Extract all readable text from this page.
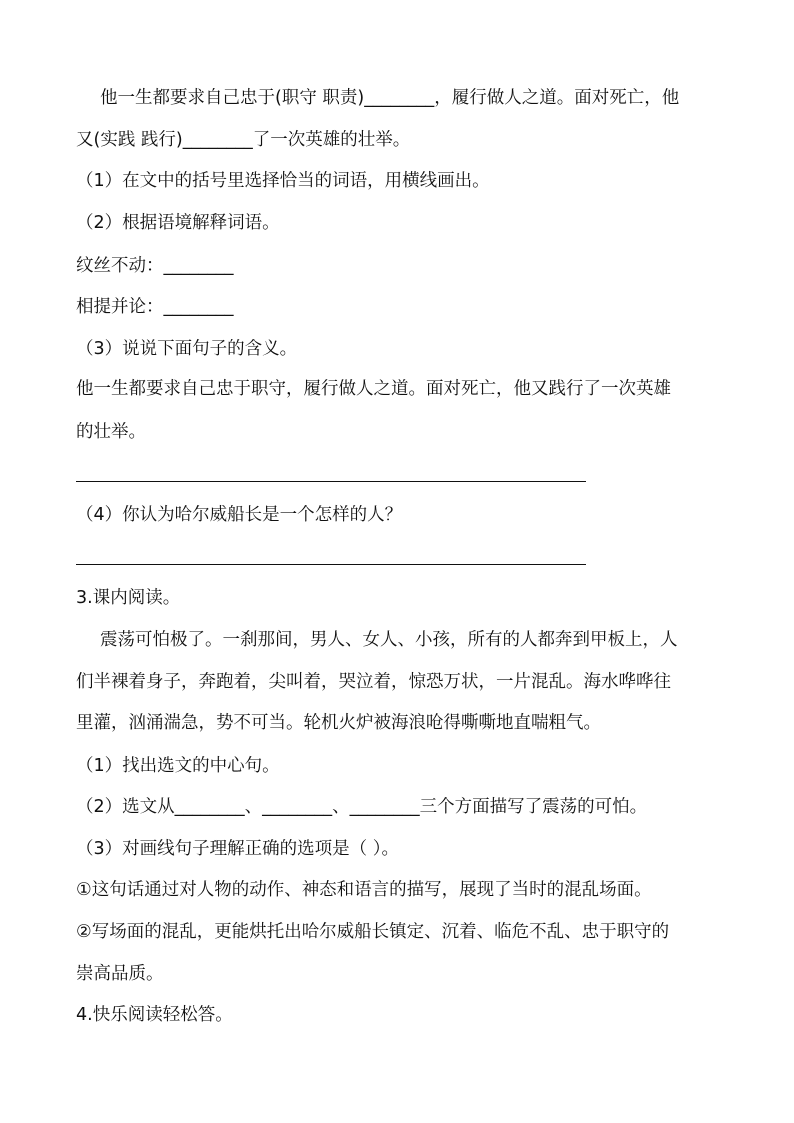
他一生都要求自己忠于(职守 职责)________，履行做人之道。面对死亡，他
又(实践 践行)________了一次英雄的壮举。
（1）在文中的括号里选择恰当的词语，用横线画出。
（2）根据语境解释词语。
纹丝不动：________
相提并论：________
（3）说说下面句子的含义。
他一生都要求自己忠于职守，履行做人之道。面对死亡，他又践行了一次英雄
的壮举。
（4）你认为哈尔威船长是一个怎样的人？
3.课内阅读。
震荡可怕极了。一刹那间，男人、女人、小孩，所有的人都奔到甲板上，人
们半裸着身子，奔跑着，尖叫着，哭泣着，惊恐万状，一片混乱。海水哗哗往
里灌，汹涌湍急，势不可当。轮机火炉被海浪呛得嘶嘶地直喘粗气。
（1）找出选文的中心句。
（2）选文从________、________、________三个方面描写了震荡的可怕。
（3）对画线句子理解正确的选项是（ ）。
①这句话通过对人物的动作、神态和语言的描写，展现了当时的混乱场面。
②写场面的混乱，更能烘托出哈尔威船长镇定、沉着、临危不乱、忠于职守的
崇高品质。
4.快乐阅读轻松答。
